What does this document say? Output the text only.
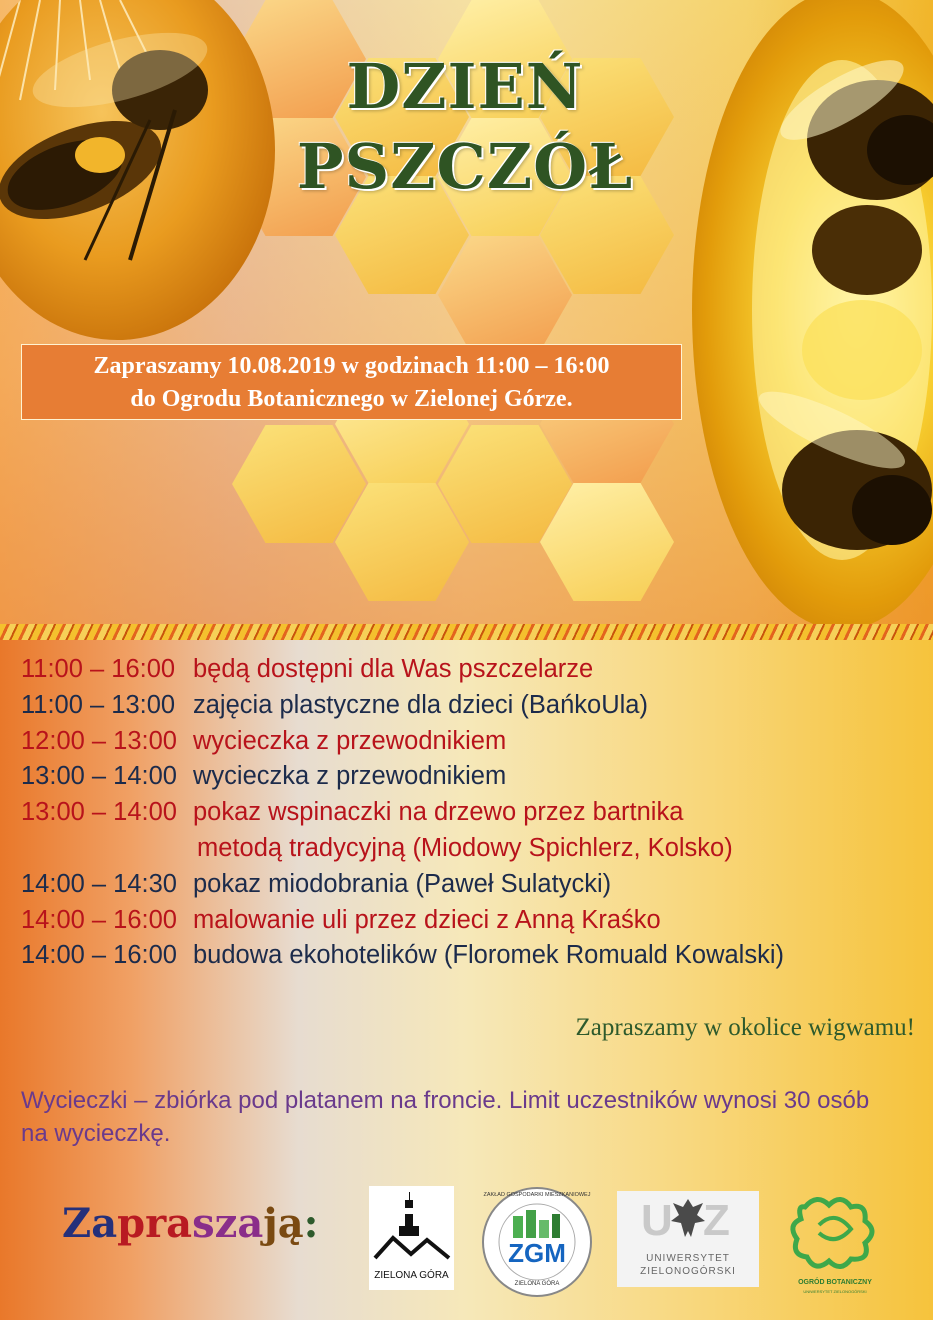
DZIEŃ
PSZCZÓŁ
Zapraszamy 10.08.2019 w godzinach 11:00 – 16:00
do Ogrodu Botanicznego w Zielonej Górze.
11:00 – 16:00 będą dostępni dla Was pszczelarze
11:00 – 13:00 zajęcia plastyczne dla dzieci (BańkoUla)
12:00 – 13:00 wycieczka z przewodnikiem
13:00 – 14:00 wycieczka z przewodnikiem
13:00 – 14:00 pokaz wspinaczki na drzewo przez bartnika
metodą tradycyjną (Miodowy Spichlerz, Kolsko)
14:00 – 14:30 pokaz miodobrania (Paweł Sulatycki)
14:00 – 16:00 malowanie uli przez dzieci z Anną Kraśko
14:00 – 16:00 budowa ekohotelików (Floromek Romuald Kowalski)

Zapraszamy w okolice wigwamu!

Wycieczki – zbiórka pod platanem na froncie. Limit uczestników wynosi 30 osób na wycieczkę.

Zapraszają:

ZIELONA GÓRA
ZGM
ZAKŁAD GOSPODARKI MIESZKANIOWEJ
ZIELONA GÓRA
U Z
UNIWERSYTET
ZIELONOGÓRSKI
OGRÓD BOTANICZNY
UNIWERSYTET ZIELONOGÓRSKI
